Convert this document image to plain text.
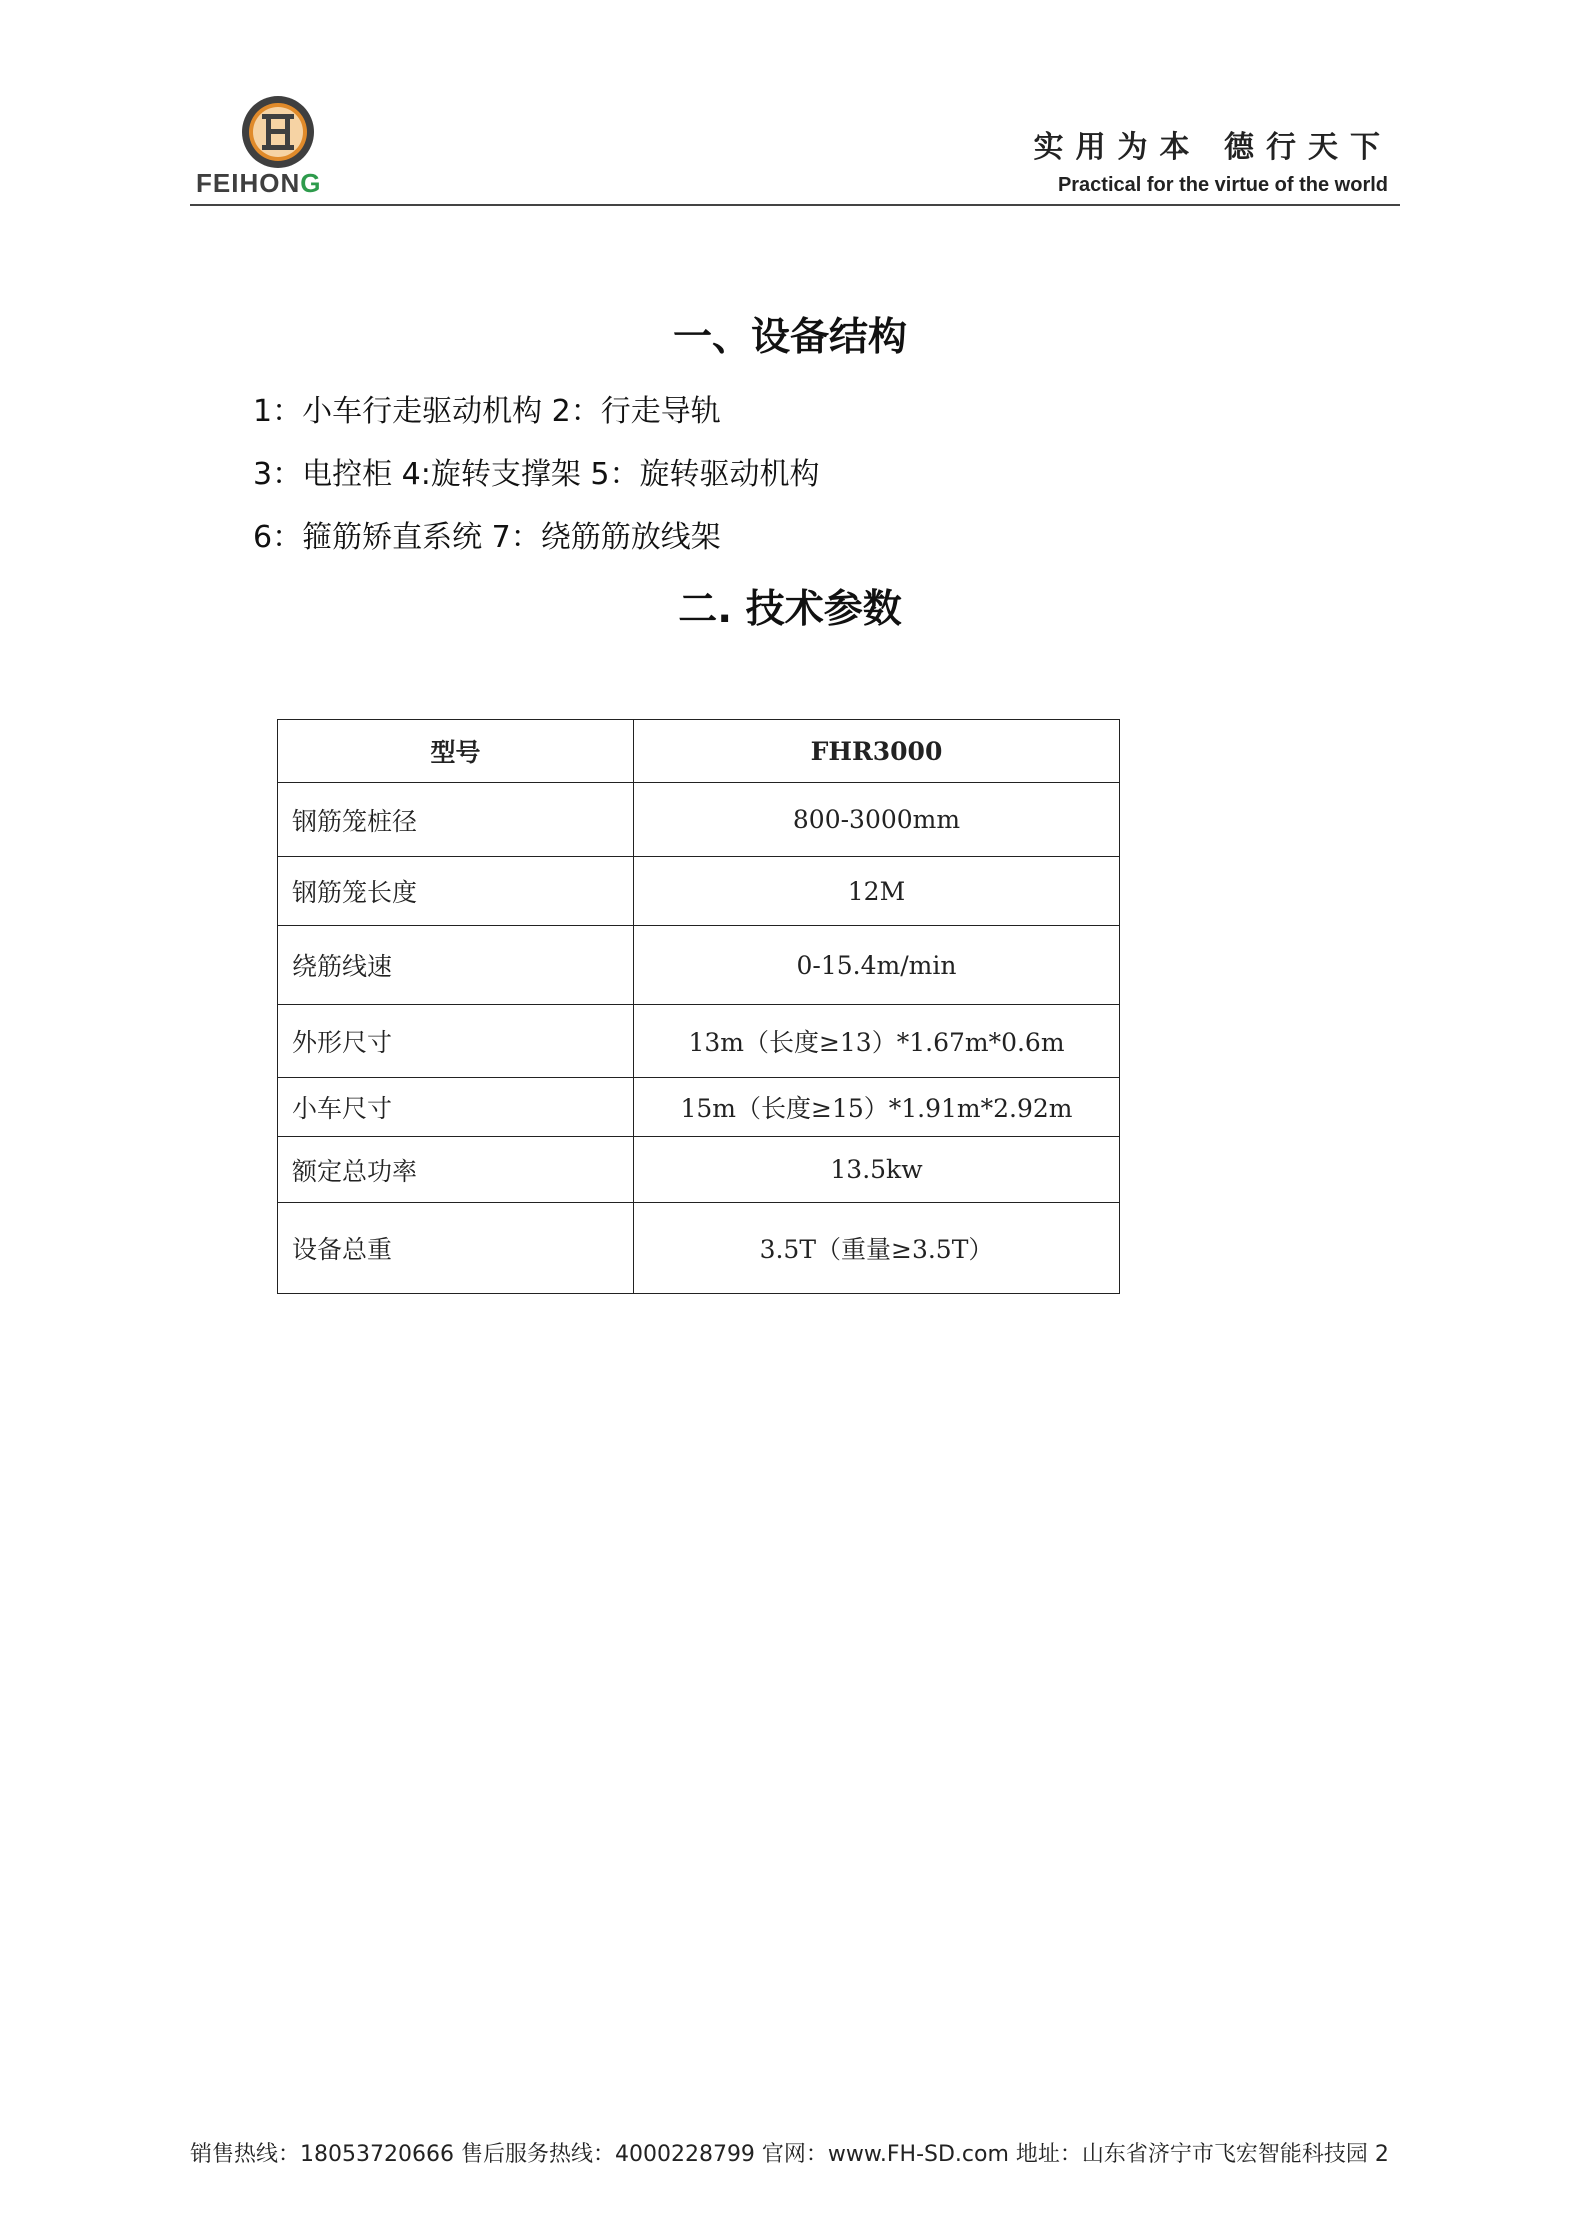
FEIHONG
实用为本 德行天下
Practical for the virtue of the world
一、设备结构
1：小车行走驱动机构 2：行走导轨
3：电控柜 4:旋转支撑架 5：旋转驱动机构
6：箍筋矫直系统 7：绕筋筋放线架
二. 技术参数
型号	FHR3000
钢筋笼桩径	800-3000mm
钢筋笼长度	12M
绕筋线速	0-15.4m/min
外形尺寸	13m（长度≥13）*1.67m*0.6m
小车尺寸	15m（长度≥15）*1.91m*2.92m
额定总功率	13.5kw
设备总重	3.5T（重量≥3.5T）
销售热线：18053720666 售后服务热线：4000228799 官网：www.FH-SD.com 地址：山东省济宁市飞宏智能科技园 2
